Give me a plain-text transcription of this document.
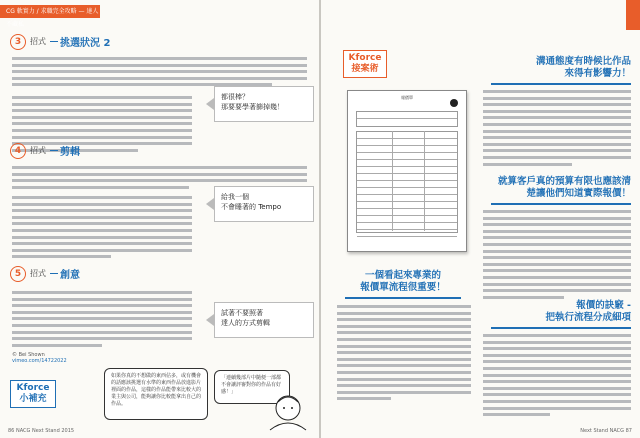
CG 軟實力 / 求職完全攻略 — 達人不藏私
3	招式 挑選狀況 2
都很棒？
那要要學著篩掉幾！
4	招式 剪輯
給我一個
不會睡著的 Tempo
5	招式 創意
試著不要照著
達人的方式剪輯
© Bei Shown
vimeo.com/14722022
Kforce
小補充
如果你真的不想做的東西佔多，或有機會的話應該挑選有水準的東西作品放進影片裡面的作品，這樣的作品能帶來比較大的業主與公司，能夠讓你比較能拿出自己的作品。
「連續幾部片中隨便一部都不會讓評審對你的作品有好感！」
86 NACG Next Stand 2015
Kforce
接案術
報價單
一個看起來專業的
報價單流程很重要！
溝通態度有時候比作品
來得有影響力！
就算客戶真的預算有限也應該清
楚讓他們知道實際報價！
報價的訣竅 -
把執行流程分成細項
Next Stand NACG 87
